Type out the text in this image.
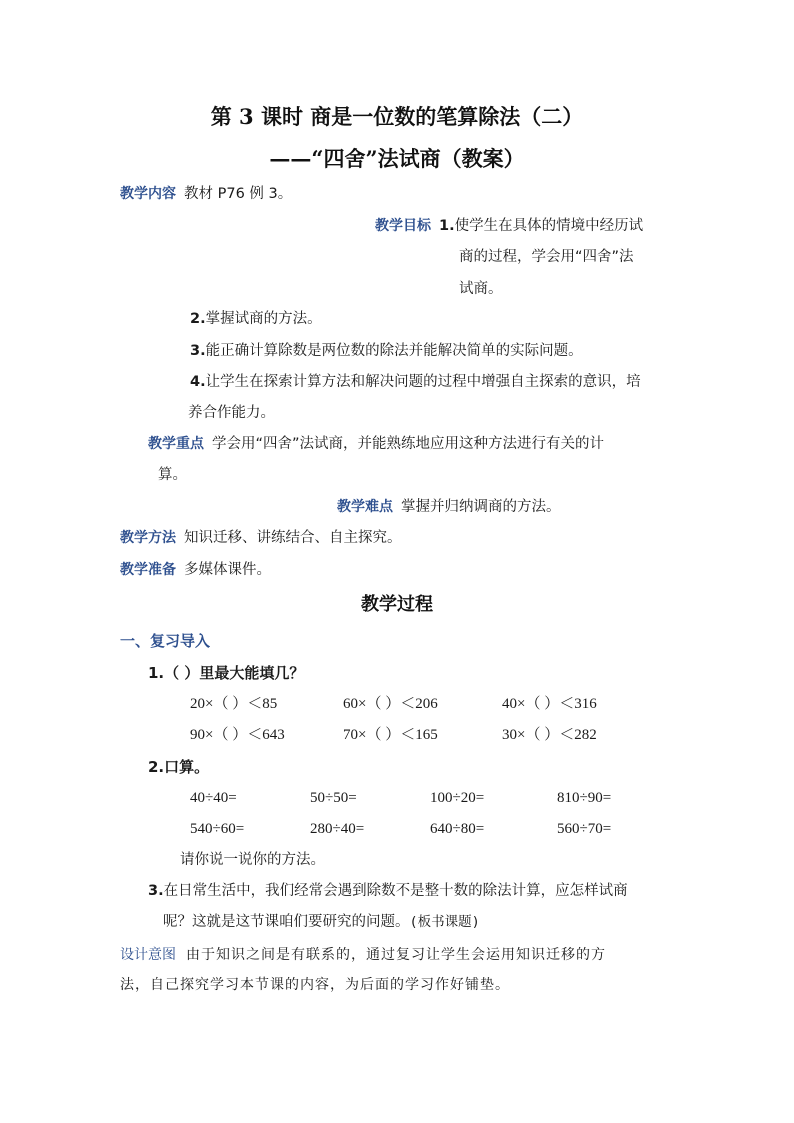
第 3 课时 商是一位数的笔算除法（二）
——“四舍”法试商（教案）
教学内容 教材 P76 例 3。
教学目标 1.使学生在具体的情境中经历试
商的过程，学会用“四舍”法
试商。
2.掌握试商的方法。
3.能正确计算除数是两位数的除法并能解决简单的实际问题。
4.让学生在探索计算方法和解决问题的过程中增强自主探索的意识，培
养合作能力。
教学重点 学会用“四舍”法试商，并能熟练地应用这种方法进行有关的计
算。
教学难点 掌握并归纳调商的方法。
教学方法 知识迁移、讲练结合、自主探究。
教学准备 多媒体课件。
教学过程
一、复习导入
1.（ ）里最大能填几？
20×（ ）＜85	60×（ ）＜206	40×（ ）＜316
90×（ ）＜643	70×（ ）＜165	30×（ ）＜282
2.口算。
40÷40=	50÷50=	100÷20=	810÷90=
540÷60=	280÷40=	640÷80=	560÷70=
请你说一说你的方法。
3.在日常生活中，我们经常会遇到除数不是整十数的除法计算，应怎样试商
呢？这就是这节课咱们要研究的问题。(板书课题)
设计意图 由于知识之间是有联系的，通过复习让学生会运用知识迁移的方
法，自己探究学习本节课的内容，为后面的学习作好铺垫。
